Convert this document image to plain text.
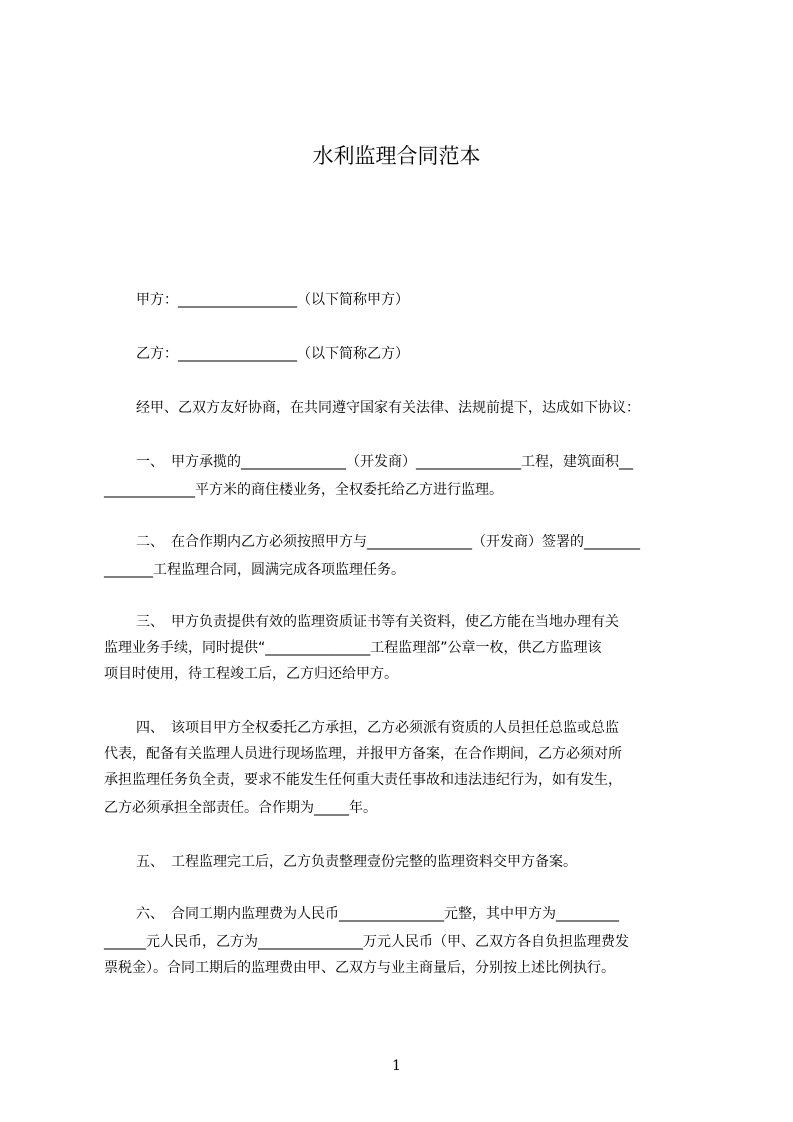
水利监理合同范本
甲方：_________________（以下简称甲方）
乙方：_________________（以下简称乙方）
经甲、乙双方友好协商，在共同遵守国家有关法律、法规前提下，达成如下协议：
一、　甲方承揽的_______________（开发商）_______________工程，建筑面积__
_____________平方米的商住楼业务，全权委托给乙方进行监理。
二、　在合作期内乙方必须按照甲方与_______________（开发商）签署的________
_______工程监理合同，圆满完成各项监理任务。
三、　甲方负责提供有效的监理资质证书等有关资料，使乙方能在当地办理有关
监理业务手续，同时提供“_______________工程监理部”公章一枚，供乙方监理该
项目时使用，待工程竣工后，乙方归还给甲方。
四、　该项目甲方全权委托乙方承担，乙方必须派有资质的人员担任总监或总监
代表，配备有关监理人员进行现场监理，并报甲方备案，在合作期间，乙方必须对所
承担监理任务负全责，要求不能发生任何重大责任事故和违法违纪行为，如有发生，
乙方必须承担全部责任。合作期为_____年。
五、　工程监理完工后，乙方负责整理壹份完整的监理资料交甲方备案。
六、　合同工期内监理费为人民币_______________元整，其中甲方为_________
______元人民币，乙方为_______________万元人民币（甲、乙双方各自负担监理费发
票税金）。合同工期后的监理费由甲、乙双方与业主商量后，分别按上述比例执行。
1
